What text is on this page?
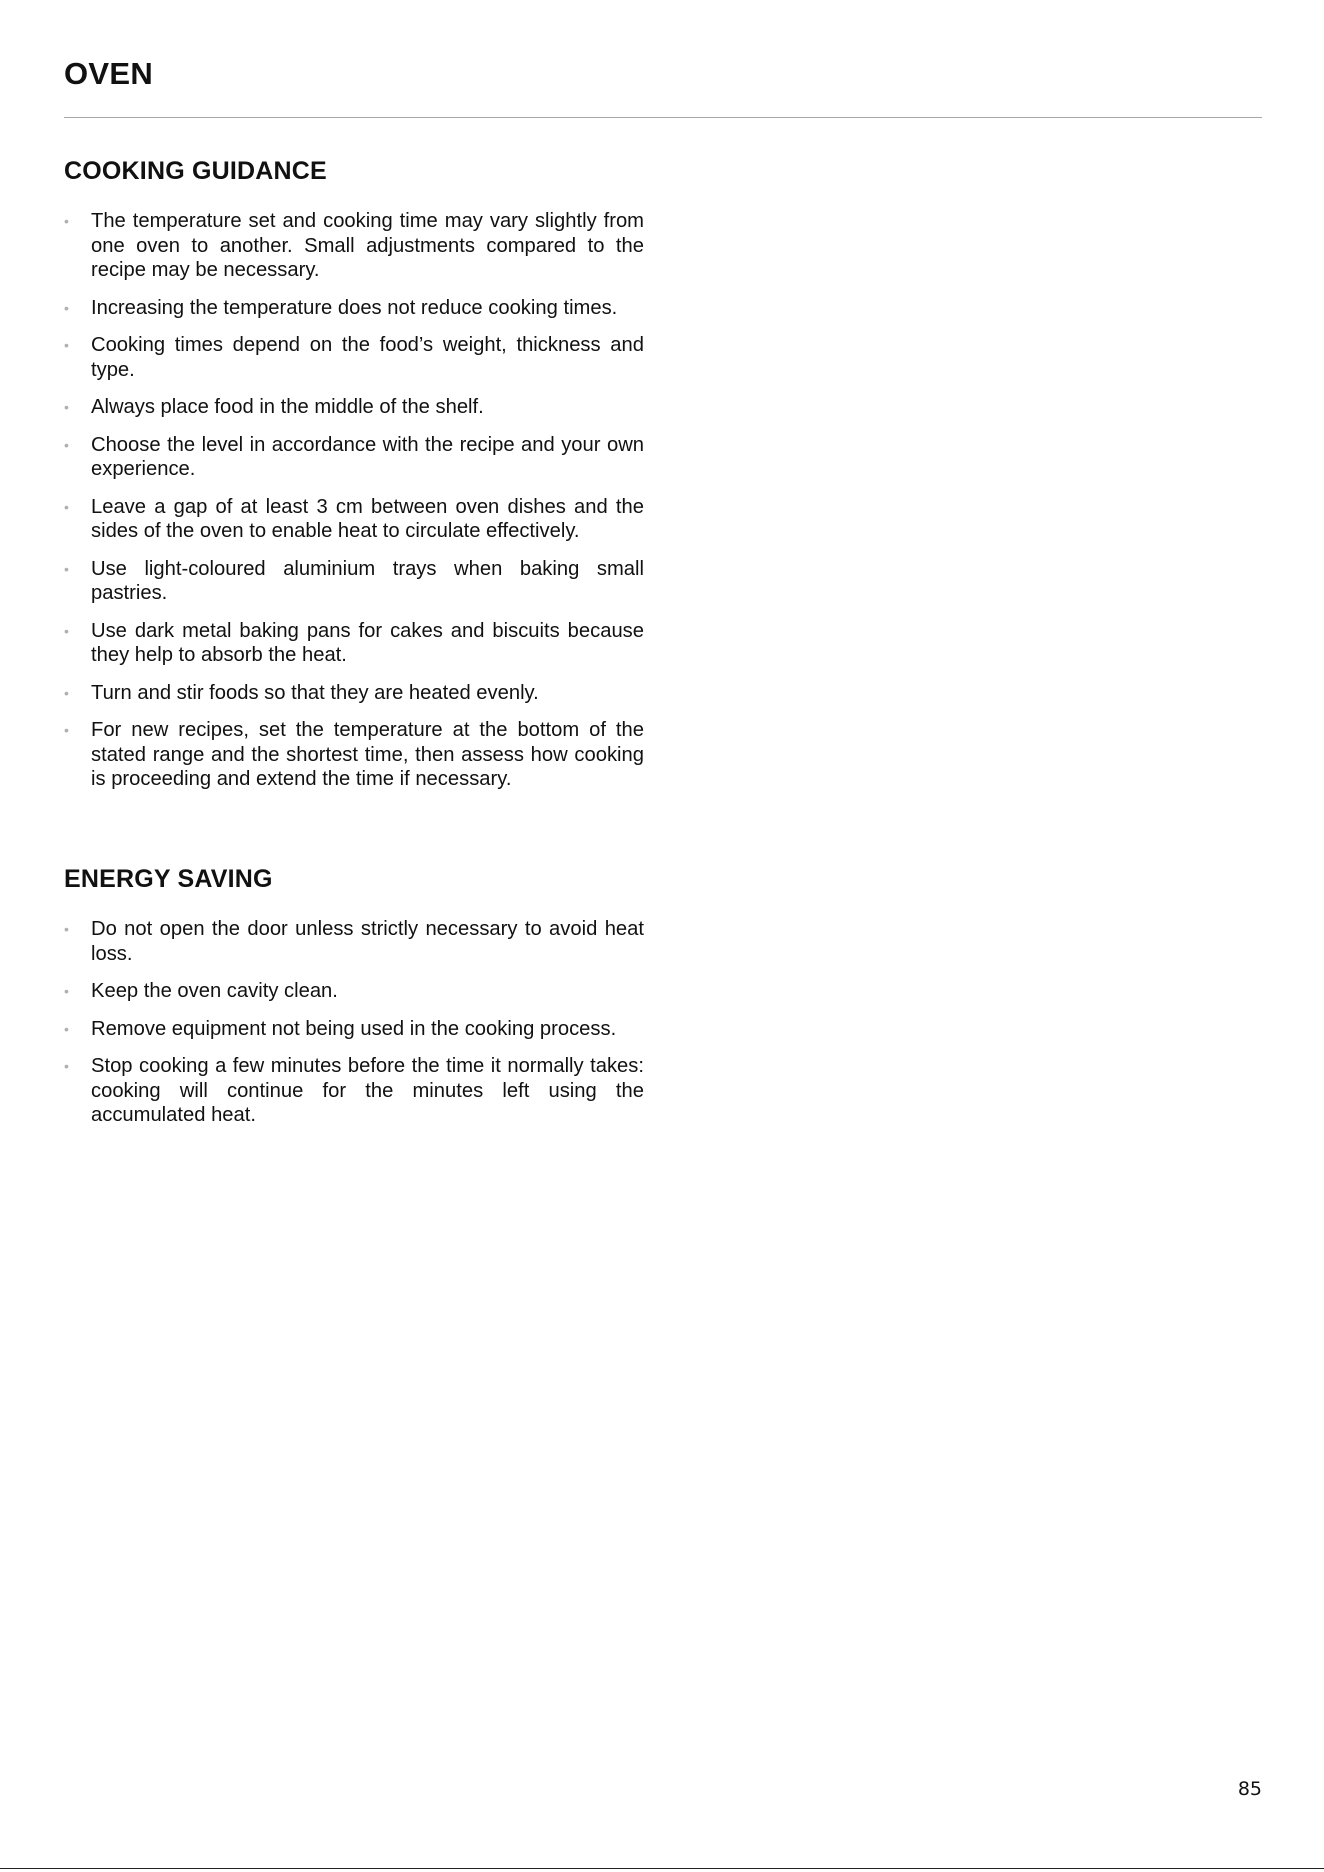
OVEN
COOKING GUIDANCE
• The temperature set and cooking time may vary slightly from one oven to another. Small adjustments compared to the recipe may be necessary.
• Increasing the temperature does not reduce cooking times.
• Cooking times depend on the food’s weight, thickness and type.
• Always place food in the middle of the shelf.
• Choose the level in accordance with the recipe and your own experience.
• Leave a gap of at least 3 cm between oven dishes and the sides of the oven to enable heat to circulate effectively.
• Use light-coloured aluminium trays when baking small pastries.
• Use dark metal baking pans for cakes and biscuits because they help to absorb the heat.
• Turn and stir foods so that they are heated evenly.
• For new recipes, set the temperature at the bottom of the stated range and the shortest time, then assess how cooking is proceeding and extend the time if necessary.
ENERGY SAVING
• Do not open the door unless strictly necessary to avoid heat loss.
• Keep the oven cavity clean.
• Remove equipment not being used in the cooking process.
• Stop cooking a few minutes before the time it normally takes: cooking will continue for the minutes left using the accumulated heat.
85
